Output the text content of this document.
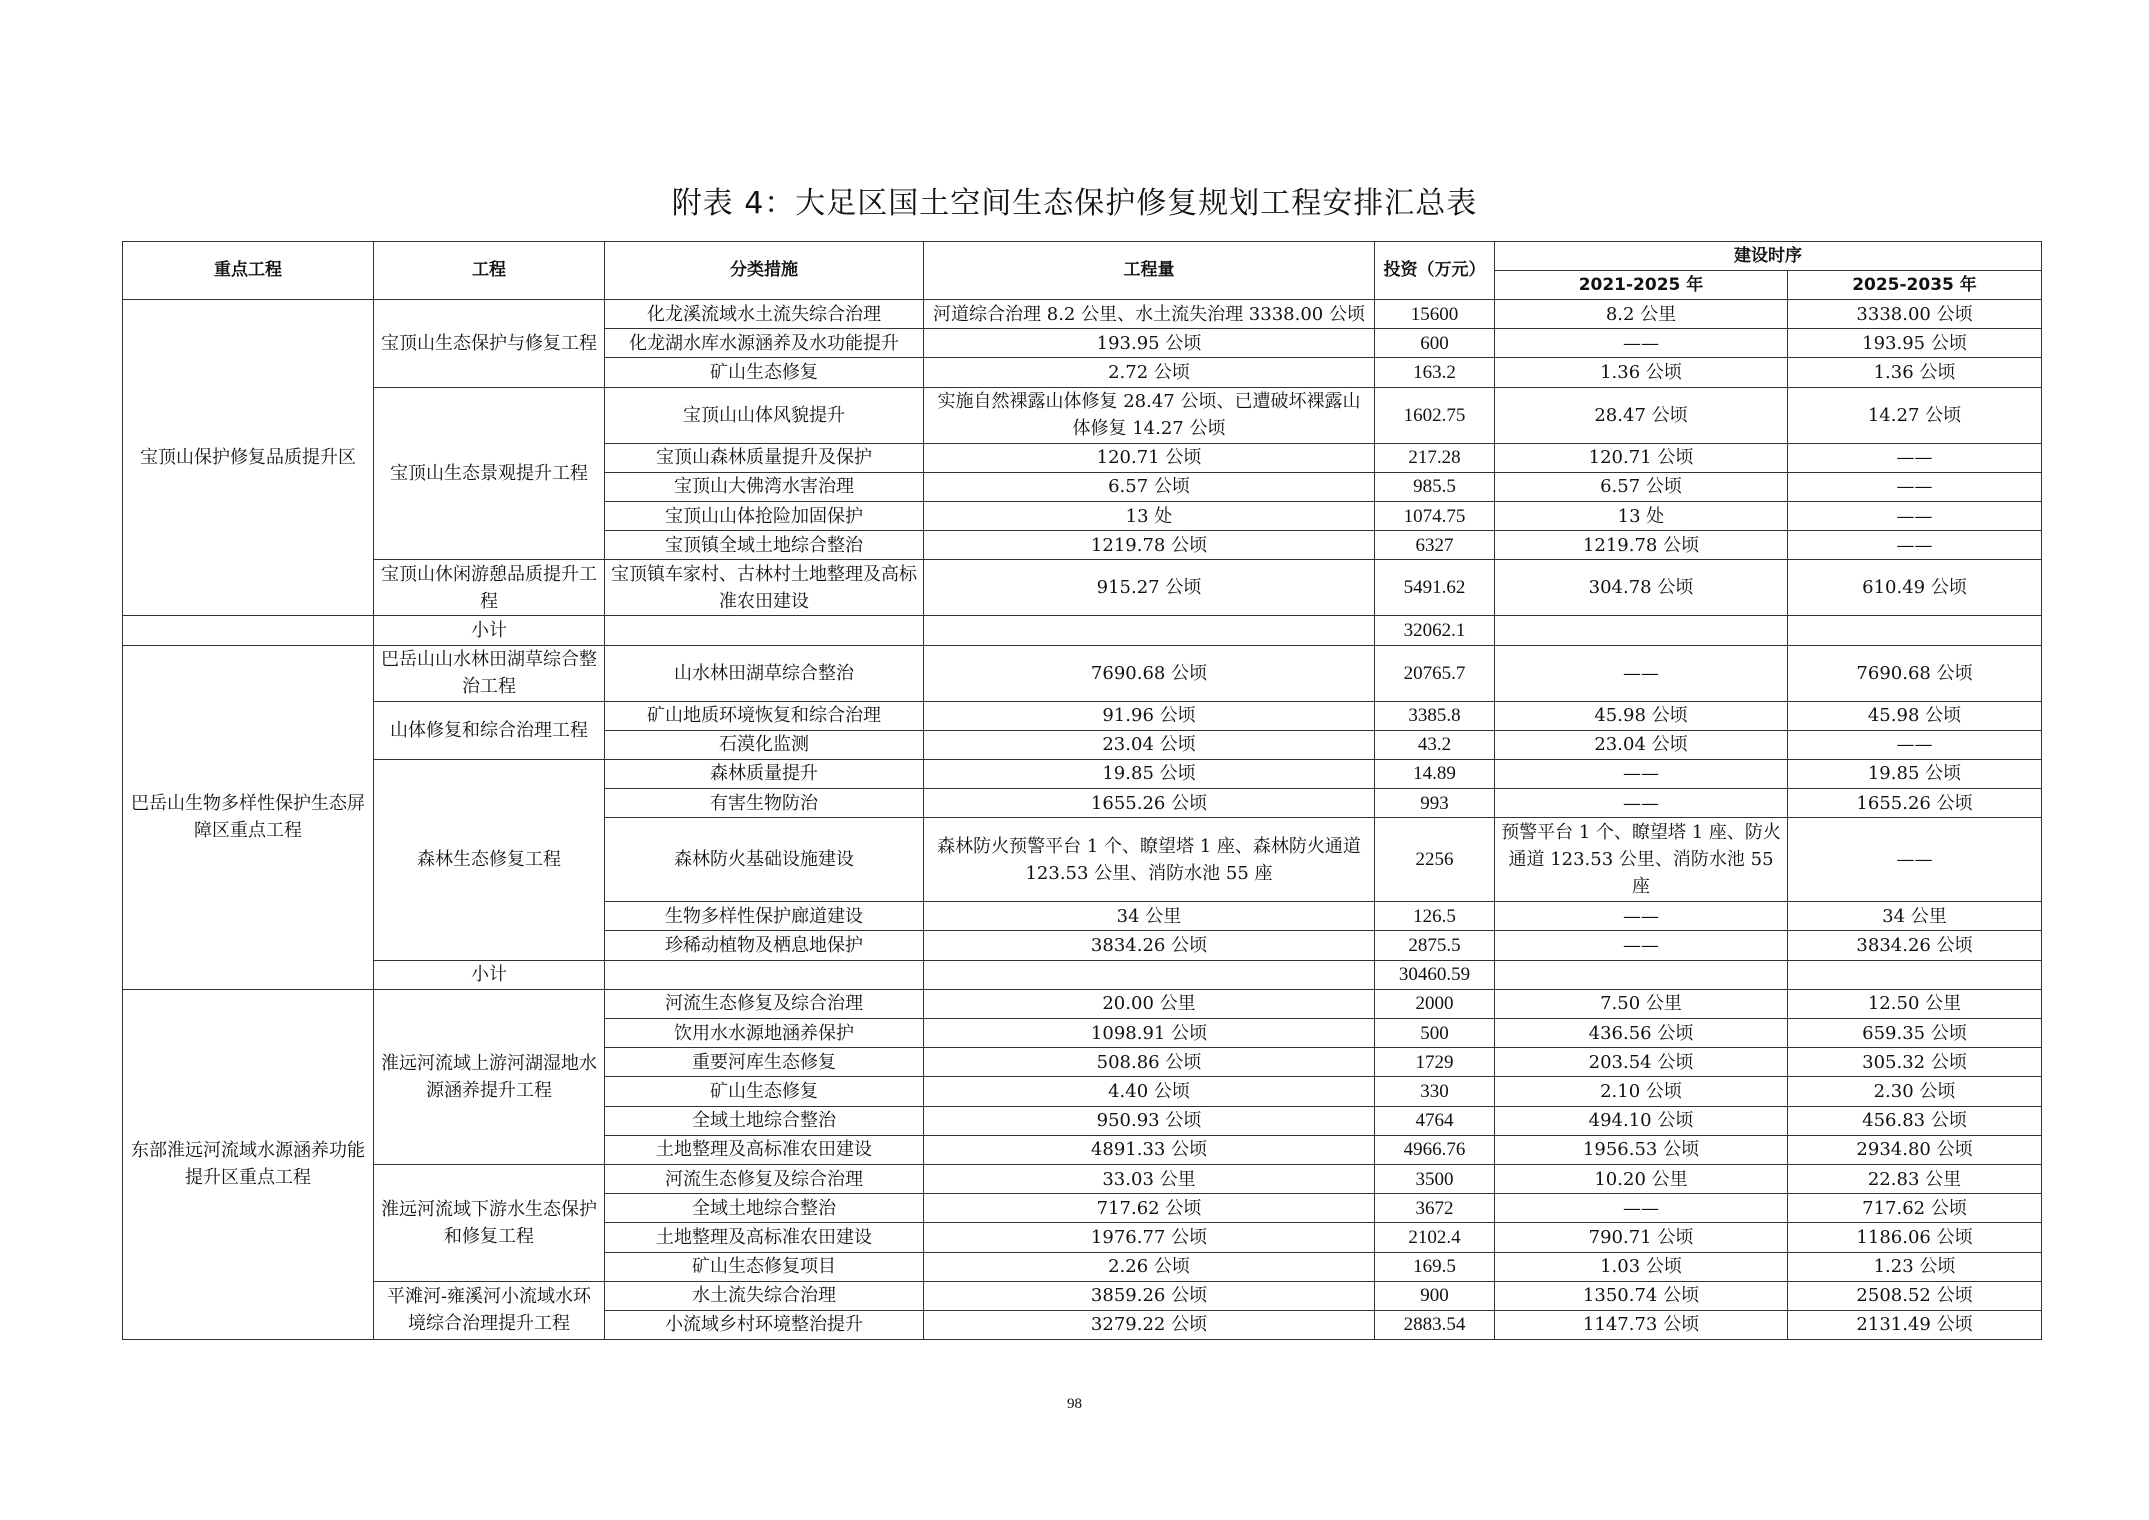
附表 4：大足区国土空间生态保护修复规划工程安排汇总表
重点工程	工程	分类措施	工程量	投资（万元）	建设时序	
					2021-2025 年	2025-2035 年
宝顶山保护修复品质提升区	宝顶山生态保护与修复工程	化龙溪流域水土流失综合治理	河道综合治理 8.2 公里、水土流失治理 3338.00 公顷	15600	8.2 公里	3338.00 公顷
		化龙湖水库水源涵养及水功能提升	193.95 公顷	600	——	193.95 公顷
		矿山生态修复	2.72 公顷	163.2	1.36 公顷	1.36 公顷
	宝顶山生态景观提升工程	宝顶山山体风貌提升	实施自然裸露山体修复 28.47 公顷、已遭破坏裸露山体修复 14.27 公顷	1602.75	28.47 公顷	14.27 公顷
		宝顶山森林质量提升及保护	120.71 公顷	217.28	120.71 公顷	——
		宝顶山大佛湾水害治理	6.57 公顷	985.5	6.57 公顷	——
		宝顶山山体抢险加固保护	13 处	1074.75	13 处	——
		宝顶镇全域土地综合整治	1219.78 公顷	6327	1219.78 公顷	——
	宝顶山休闲游憩品质提升工程	宝顶镇车家村、古林村土地整理及高标准农田建设	915.27 公顷	5491.62	304.78 公顷	610.49 公顷
	小计			32062.1		
巴岳山生物多样性保护生态屏障区重点工程	巴岳山山水林田湖草综合整治工程	山水林田湖草综合整治	7690.68 公顷	20765.7	——	7690.68 公顷
	山体修复和综合治理工程	矿山地质环境恢复和综合治理	91.96 公顷	3385.8	45.98 公顷	45.98 公顷
		石漠化监测	23.04 公顷	43.2	23.04 公顷	——
	森林生态修复工程	森林质量提升	19.85 公顷	14.89	——	19.85 公顷
		有害生物防治	1655.26 公顷	993	——	1655.26 公顷
		森林防火基础设施建设	森林防火预警平台 1 个、瞭望塔 1 座、森林防火通道 123.53 公里、消防水池 55 座	2256	预警平台 1 个、瞭望塔 1 座、防火通道 123.53 公里、消防水池 55 座	——
		生物多样性保护廊道建设	34 公里	126.5	——	34 公里
		珍稀动植物及栖息地保护	3834.26 公顷	2875.5	——	3834.26 公顷
	小计			30460.59		
东部淮远河流域水源涵养功能提升区重点工程	淮远河流域上游河湖湿地水源涵养提升工程	河流生态修复及综合治理	20.00 公里	2000	7.50 公里	12.50 公里
		饮用水水源地涵养保护	1098.91 公顷	500	436.56 公顷	659.35 公顷
		重要河库生态修复	508.86 公顷	1729	203.54 公顷	305.32 公顷
		矿山生态修复	4.40 公顷	330	2.10 公顷	2.30 公顷
		全域土地综合整治	950.93 公顷	4764	494.10 公顷	456.83 公顷
		土地整理及高标准农田建设	4891.33 公顷	4966.76	1956.53 公顷	2934.80 公顷
	淮远河流域下游水生态保护和修复工程	河流生态修复及综合治理	33.03 公里	3500	10.20 公里	22.83 公里
		全域土地综合整治	717.62 公顷	3672	——	717.62 公顷
		土地整理及高标准农田建设	1976.77 公顷	2102.4	790.71 公顷	1186.06 公顷
		矿山生态修复项目	2.26 公顷	169.5	1.03 公顷	1.23 公顷
	平滩河-雍溪河小流域水环境综合治理提升工程	水土流失综合治理	3859.26 公顷	900	1350.74 公顷	2508.52 公顷
		小流域乡村环境整治提升	3279.22 公顷	2883.54	1147.73 公顷	2131.49 公顷
98
